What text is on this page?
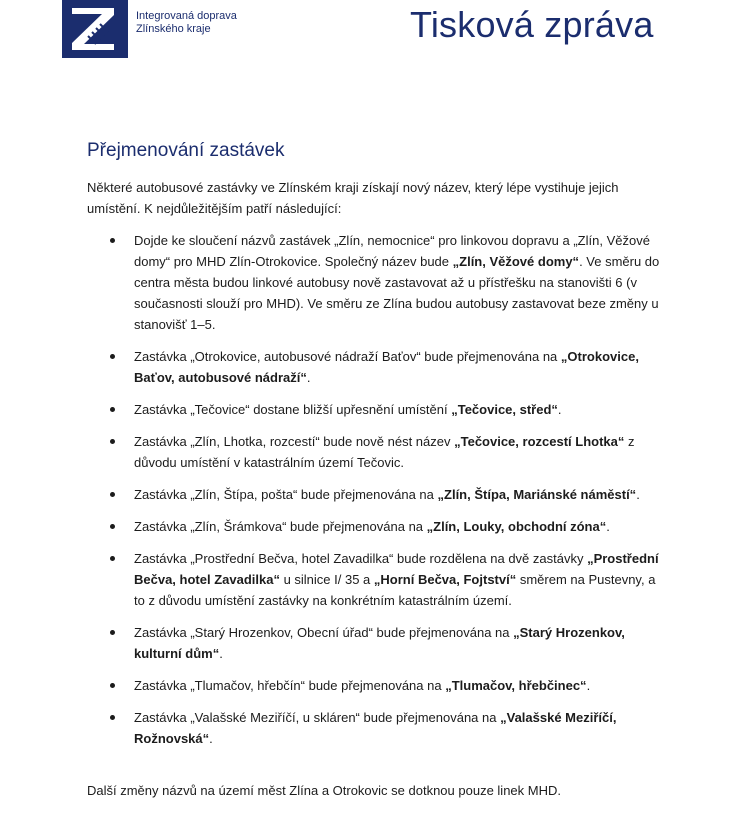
Integrovaná doprava
Zlínského kraje	Tisková zpráva
Přejmenování zastávek
Některé autobusové zastávky ve Zlínském kraji získají nový název, který lépe vystihuje jejich umístění. K nejdůležitějším patří následující:
Dojde ke sloučení názvů zastávek „Zlín, nemocnice“ pro linkovou dopravu a „Zlín, Věžové domy“ pro MHD Zlín-Otrokovice. Společný název bude „Zlín, Věžové domy“. Ve směru do centra města budou linkové autobusy nově zastavovat až u přístřešku na stanovišti 6 (v současnosti slouží pro MHD). Ve směru ze Zlína budou autobusy zastavovat beze změny u stanovišť 1–5.
Zastávka „Otrokovice, autobusové nádraží Baťov“ bude přejmenována na „Otrokovice, Baťov, autobusové nádraží“.
Zastávka „Tečovice“ dostane bližší upřesnění umístění „Tečovice, střed“.
Zastávka „Zlín, Lhotka, rozcestí“ bude nově nést název „Tečovice, rozcestí Lhotka“ z důvodu umístění v katastrálním území Tečovic.
Zastávka „Zlín, Štípa, pošta“ bude přejmenována na „Zlín, Štípa, Mariánské náměstí“.
Zastávka „Zlín, Šrámkova“ bude přejmenována na „Zlín, Louky, obchodní zóna“.
Zastávka „Prostřední Bečva, hotel Zavadilka“ bude rozdělena na dvě zastávky „Prostřední Bečva, hotel Zavadilka“ u silnice I/ 35 a „Horní Bečva, Fojtství“ směrem na Pustevny, a to z důvodu umístění zastávky na konkrétním katastrálním území.
Zastávka „Starý Hrozenkov, Obecní úřad“ bude přejmenována na „Starý Hrozenkov, kulturní dům“.
Zastávka „Tlumačov, hřebčín“ bude přejmenována na „Tlumačov, hřebčinec“.
Zastávka „Valašské Meziříčí, u skláren“ bude přejmenována na „Valašské Meziříčí, Rožnovská“.
Další změny názvů na území měst Zlína a Otrokovic se dotknou pouze linek MHD.
